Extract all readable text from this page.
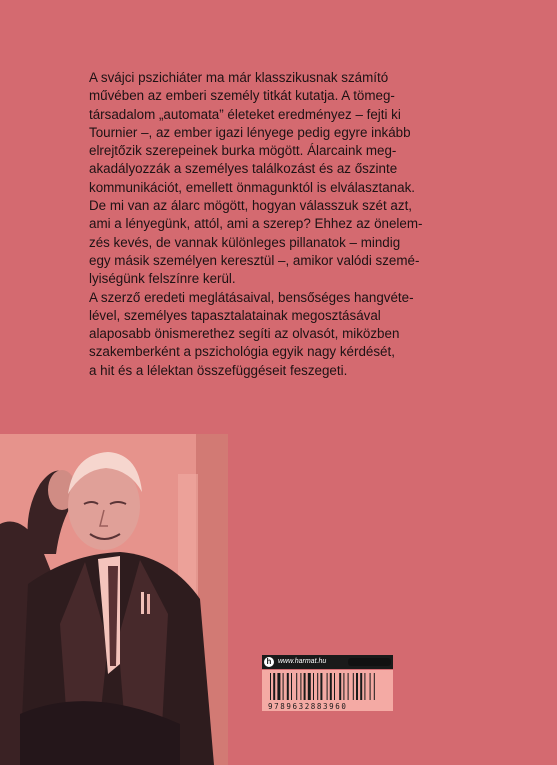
A svájci pszichiáter ma már klasszikusnak számító
művében az emberi személy titkát kutatja. A tömeg-
társadalom „automata” életeket eredményez – fejti ki
Tournier –, az ember igazi lényege pedig egyre inkább
elrejtőzik szerepeinek burka mögött. Álarcaink meg-
akadályozzák a személyes találkozást és az őszinte
kommunikációt, emellett önmagunktól is elválasztanak.
De mi van az álarc mögött, hogyan válasszuk szét azt,
ami a lényegünk, attól, ami a szerep? Ehhez az önelem-
zés kevés, de vannak különleges pillanatok – mindig
egy másik személyen keresztül –, amikor valódi szemé-
lyiségünk felszínre kerül.

A szerző eredeti meglátásaival, bensőséges hangvéte-
lével, személyes tapasztalatainak megosztásával
alaposabb önismerethez segíti az olvasót, miközben
szakemberként a pszichológia egyik nagy kérdését,
a hit és a lélektan összefüggéseit feszegeti.

h www.harmat.hu
9789632883960
